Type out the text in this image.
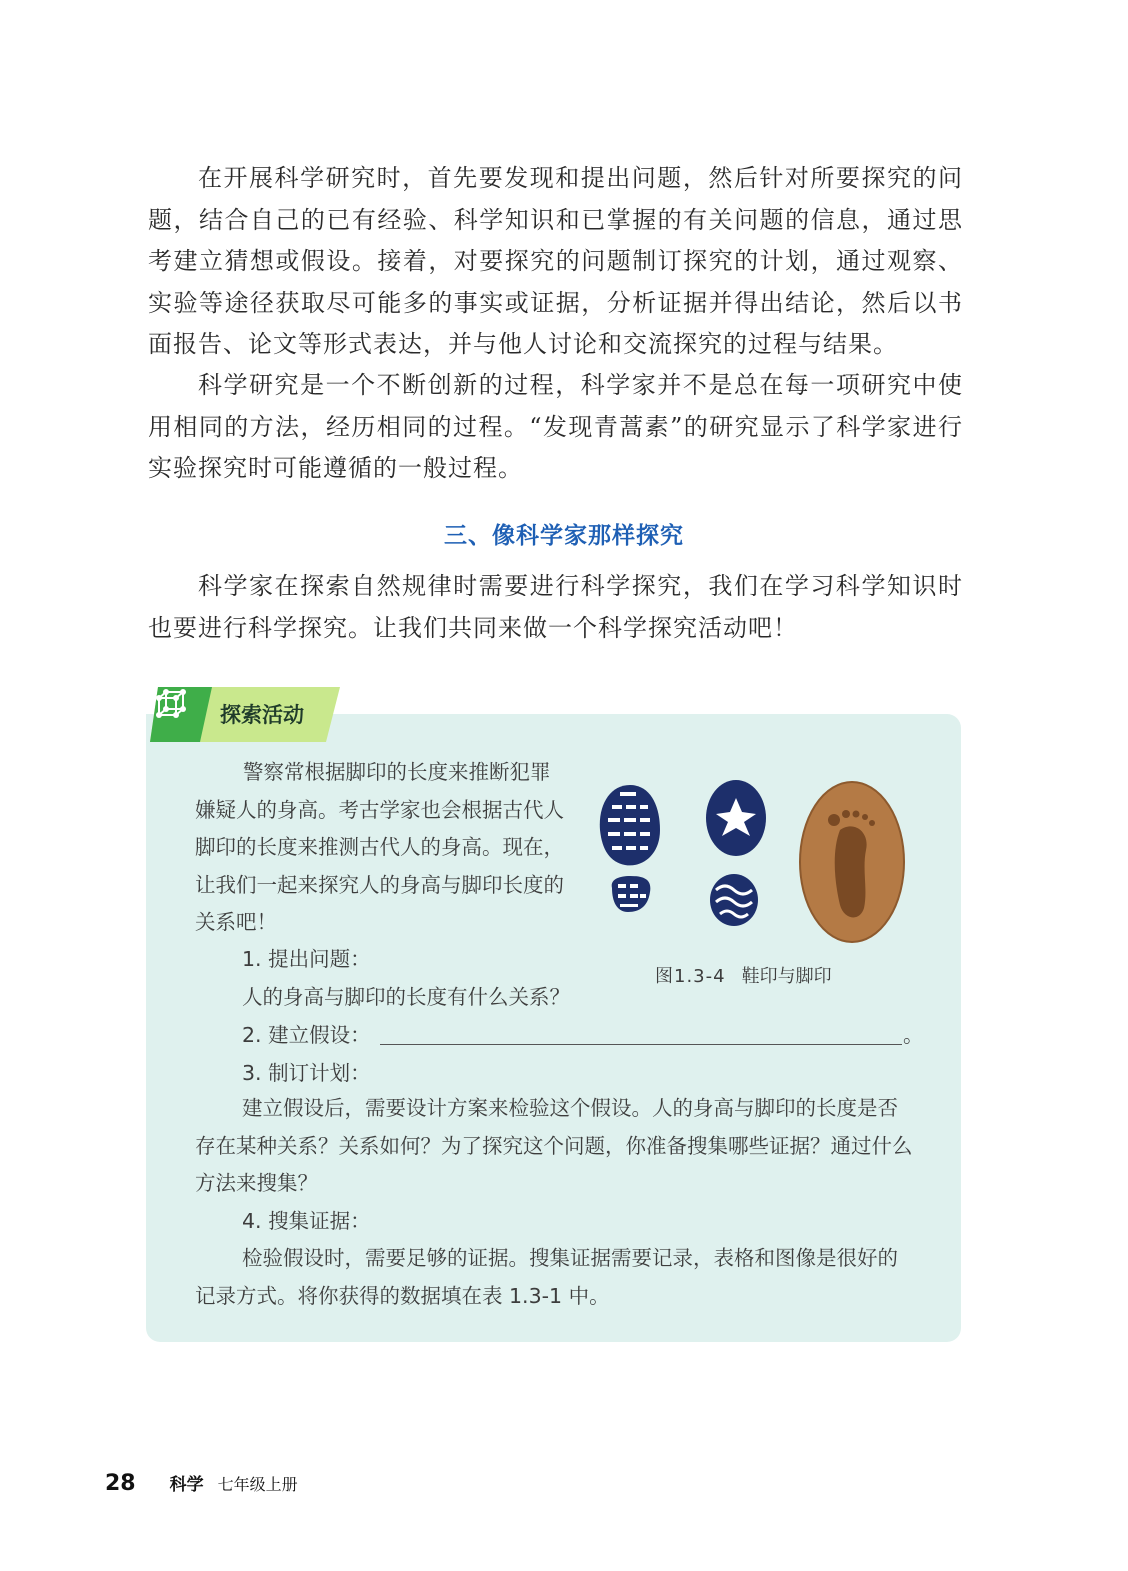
在开展科学研究时，首先要发现和提出问题，然后针对所要探究的问题，结合自己的已有经验、科学知识和已掌握的有关问题的信息，通过思考建立猜想或假设。接着，对要探究的问题制订探究的计划，通过观察、实验等途径获取尽可能多的事实或证据，分析证据并得出结论，然后以书面报告、论文等形式表达，并与他人讨论和交流探究的过程与结果。

科学研究是一个不断创新的过程，科学家并不是总在每一项研究中使用相同的方法，经历相同的过程。“发现青蒿素”的研究显示了科学家进行实验探究时可能遵循的一般过程。

三、像科学家那样探究

科学家在探索自然规律时需要进行科学探究，我们在学习科学知识时也要进行科学探究。让我们共同来做一个科学探究活动吧！

探索活动

警察常根据脚印的长度来推断犯罪嫌疑人的身高。考古学家也会根据古代人脚印的长度来推测古代人的身高。现在，让我们一起来探究人的身高与脚印长度的关系吧！

图1.3-4 鞋印与脚印
1. 提出问题：
人的身高与脚印的长度有什么关系？
2. 建立假设：	。
3. 制订计划：

建立假设后，需要设计方案来检验这个假设。人的身高与脚印的长度是否存在某种关系？关系如何？为了探究这个问题，你准备搜集哪些证据？通过什么方法来搜集？

4. 搜集证据：

检验假设时，需要足够的证据。搜集证据需要记录，表格和图像是很好的记录方式。将你获得的数据填在表 1.3-1 中。

28 科学 七年级上册
